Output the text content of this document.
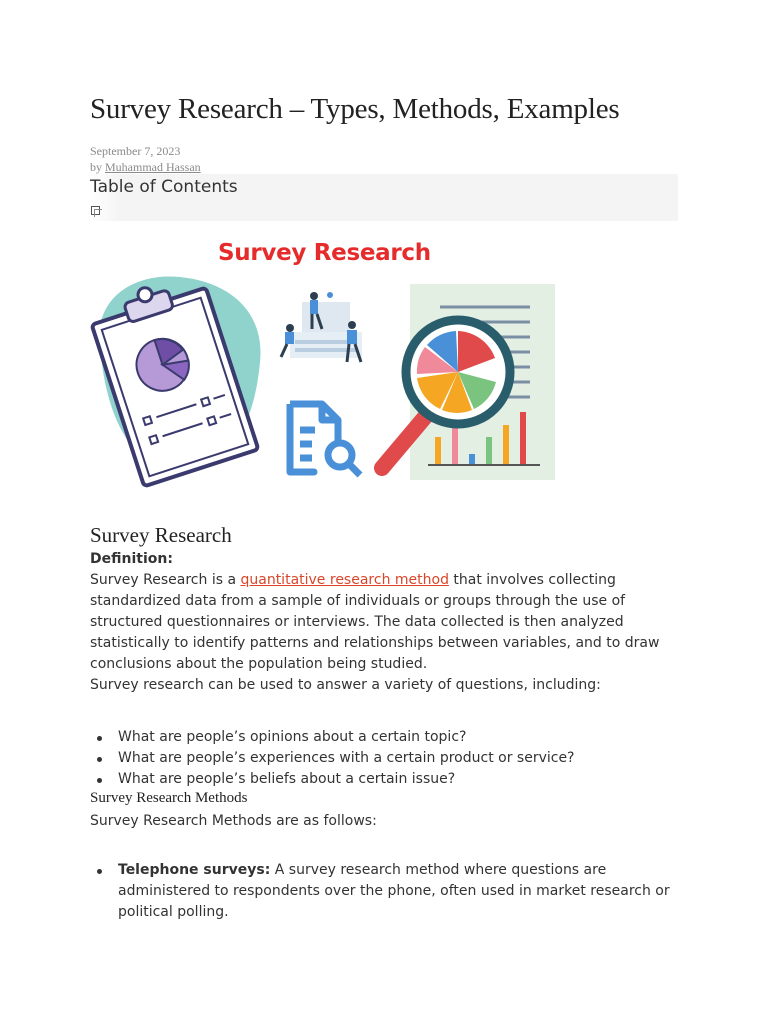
Survey Research – Types, Methods, Examples
September 7, 2023
by Muhammad Hassan
Table of Contents
Survey Research
Survey Research
Definition:
Survey Research is a quantitative research method that involves collecting standardized data from a sample of individuals or groups through the use of structured questionnaires or interviews. The data collected is then analyzed statistically to identify patterns and relationships between variables, and to draw conclusions about the population being studied.
Survey research can be used to answer a variety of questions, including:
What are people’s opinions about a certain topic?
What are people’s experiences with a certain product or service?
What are people’s beliefs about a certain issue?
Survey Research Methods
Survey Research Methods are as follows:
Telephone surveys: A survey research method where questions are administered to respondents over the phone, often used in market research or political polling.
